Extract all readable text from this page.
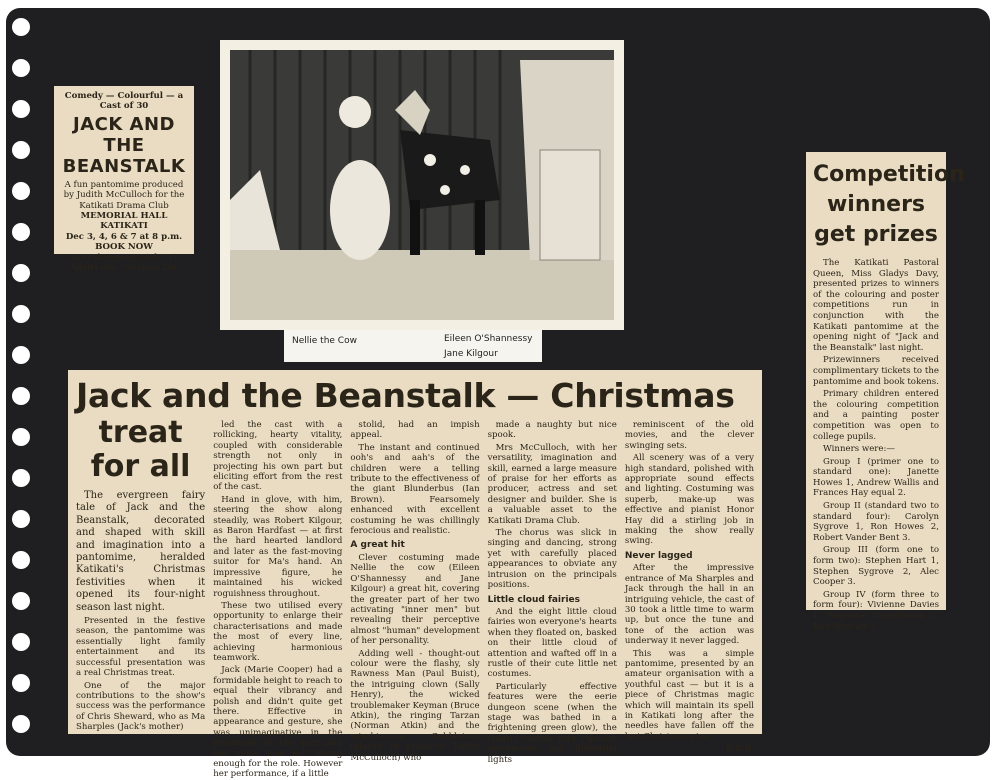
Comedy — Colourful — a Cast of 30
JACK AND
THE BEANSTALK
A fun pantomime produced by Judith McCulloch for the Katikati Drama Club
MEMORIAL HALL
KATIKATI
Dec 3, 4, 6 & 7 at 8 p.m.
BOOK NOW
at O'Shannessys (Ph 72)
Adults 60c: Children 20c
Nellie the Cow	Eileen O'Shannessy
Jane Kilgour
Competition
winners
get prizes

The Katikati Pastoral Queen, Miss Gladys Davy, presented prizes to winners of the colouring and poster competitions run in conjunction with the Katikati pantomime at the opening night of "Jack and the Beanstalk" last night.

Prizewinners received complimentary tickets to the pantomime and book tokens.

Primary children entered the colouring competition and a painting poster competition was open to college pupils.

Winners were:—

Group I (primer one to standard one): Janette Howes 1, Andrew Wallis and Frances Hay equal 2.

Group II (standard two to standard four): Carolyn Sygrove 1, Ron Howes 2, Robert Vander Bent 3.

Group III (form one to form two): Stephen Hart 1, Stephen Sygrove 2, Alec Cooper 3.

Group IV (form three to form four): Vivienne Davies 1, Roganne Diggelmann 2, Ron Metcalt 3.

Jack and the Beanstalk — Christmas
treat
for all

The evergreen fairy tale of Jack and the Beanstalk, decorated and shaped with skill and imagination into a pantomime, heralded Katikati's Christmas festivities when it opened its four-night season last night.

Presented in the festive season, the pantomime was essentially light family entertainment and its successful presentation was a real Christmas treat.

One of the major contributions to the show's success was the performance of Chris Sheward, who as Ma Sharples (Jack's mother)

led the cast with a rollicking, hearty vitality, coupled with considerable strength not only in projecting his own part but eliciting effort from the rest of the cast.

Hand in glove, with him, steering the show along steadily, was Robert Kilgour, as Baron Hardfast — at first the hard hearted landlord and later as the fast-moving suitor for Ma's hand. An impressive figure, he maintained his wicked roguishness throughout.

These two utilised every opportunity to enlarge their characterisations and made the most of every line, achieving harmonious teamwork.

Jack (Marie Cooper) had a formidable height to reach to equal their vibrancy and polish and didn't quite get there. Effective in appearance and gesture, she was unimaginative in the treatment of her part and her voice was not strong enough for the role. However her performance, if a little

stolid, had an impish appeal.

The instant and continued ooh's and aah's of the children were a telling tribute to the effectiveness of the giant Blunderbus (Ian Brown). Fearsomely enhanced with excellent costuming he was chillingly ferocious and realistic.

A great hit

Clever costuming made Nellie the cow (Eileen O'Shannessy and Jane Kilgour) a great hit, covering the greater part of her two activating "inner men" but revealing their perceptive almost "human" development of her personality.

Adding well - thought-out colour were the flashy, sly Rawness Man (Paul Buist), the intriguing clown (Sally Henry), the wicked troublemaker Keyman (Bruce Atkin), the ringing Tarzan (Norman Atkin) and the mischievous Gobbletroc (played by producer Judith McCulloch) who

made a naughty but nice spook.

Mrs McCulloch, with her versatility, imagination and skill, earned a large measure of praise for her efforts as producer, actress and set designer and builder. She is a valuable asset to the Katikati Drama Club.

The chorus was slick in singing and dancing, strong yet with carefully placed appearances to obviate any intrusion on the principals positions.

Little cloud fairies

And the eight little cloud fairies won everyone's hearts when they floated on, basked on their little cloud of attention and wafted off in a rustle of their cute little net costumes.

Particularly effective features were the eerie dungeon scene (when the stage was bathed in a frightening green glow), the chorus routine with staccato movements and flickering lights

reminiscent of the old movies, and the clever swinging sets.

All scenery was of a very high standard, polished with appropriate sound effects and lighting. Costuming was superb, make-up was effective and pianist Honor Hay did a stirling job in making the show really swing.

Never lagged

After the impressive entrance of Ma Sharples and Jack through the hall in an intriguing vehicle, the cast of 30 took a little time to warm up, but once the tune and tone of the action was underway it never lagged.

This was a simple pantomime, presented by an amateur organisation with a youthful cast — but it is a piece of Christmas magic which will maintain its spell in Katikati long after the needles have fallen off the last Christmas pine.

B.N.D.
